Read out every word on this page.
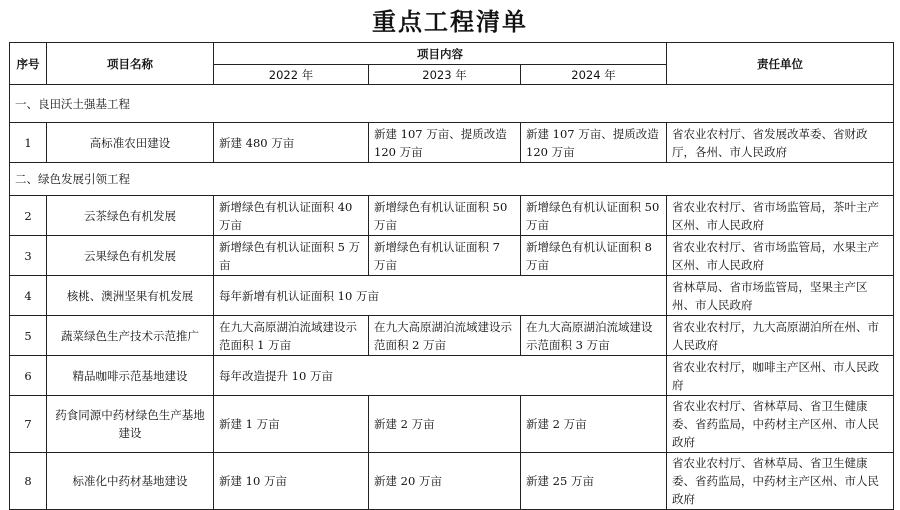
重点工程清单
序号	项目名称	项目内容			责任单位
		2022 年	2023 年	2024 年	
一、良田沃土强基工程					
1	高标准农田建设	新建 480 万亩	新建 107 万亩、提质改造 120 万亩	新建 107 万亩、提质改造 120 万亩	省农业农村厅、省发展改革委、省财政厅，各州、市人民政府
二、绿色发展引领工程					
2	云茶绿色有机发展	新增绿色有机认证面积 40 万亩	新增绿色有机认证面积 50 万亩	新增绿色有机认证面积 50 万亩	省农业农村厅、省市场监管局，茶叶主产区州、市人民政府
3	云果绿色有机发展	新增绿色有机认证面积 5 万亩	新增绿色有机认证面积 7 万亩	新增绿色有机认证面积 8 万亩	省农业农村厅、省市场监管局，水果主产区州、市人民政府
4	核桃、澳洲坚果有机发展	每年新增有机认证面积 10 万亩			省林草局、省市场监管局，坚果主产区州、市人民政府
5	蔬菜绿色生产技术示范推广	在九大高原湖泊流域建设示范面积 1 万亩	在九大高原湖泊流域建设示范面积 2 万亩	在九大高原湖泊流域建设示范面积 3 万亩	省农业农村厅，九大高原湖泊所在州、市人民政府
6	精品咖啡示范基地建设	每年改造提升 10 万亩			省农业农村厅，咖啡主产区州、市人民政府
7	药食同源中药材绿色生产基地建设	新建 1 万亩	新建 2 万亩	新建 2 万亩	省农业农村厅、省林草局、省卫生健康委、省药监局，中药材主产区州、市人民政府
8	标准化中药材基地建设	新建 10 万亩	新建 20 万亩	新建 25 万亩	省农业农村厅、省林草局、省卫生健康委、省药监局，中药材主产区州、市人民政府
